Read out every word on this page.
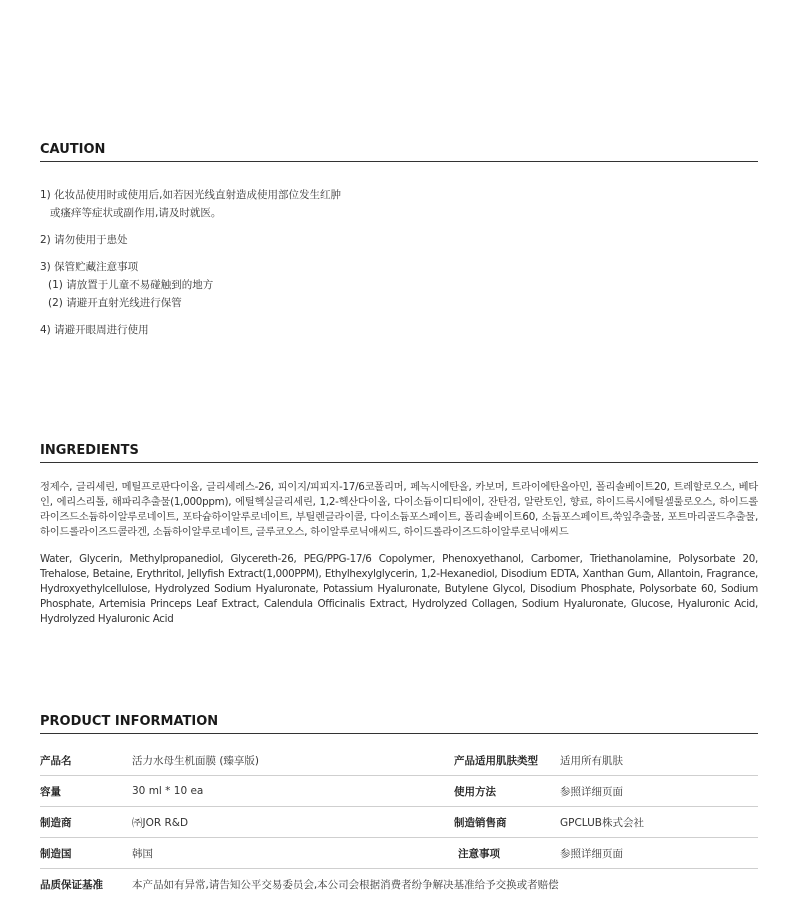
CAUTION
1) 化妆品使用时或使用后,如若因光线直射造成使用部位发生红肿
或瘙痒等症状或副作用,请及时就医。
2) 请勿使用于患处
3) 保管贮藏注意事项
(1) 请放置于儿童不易碰触到的地方
(2) 请避开直射光线进行保管
4) 请避开眼周进行使用
INGREDIENTS
정제수, 글리세린, 메틸프로판다이올, 글리세레스-26, 피이지/피피지-17/6코폴리머, 페녹시에탄올, 카보머, 트라이에탄올아민, 폴리솔베이트20, 트레할로오스, 베타인, 에리스리톨, 해파리추출물(1,000ppm), 에틸헥실글리세린, 1,2-헥산다이올, 다이소듐이디티에이, 잔탄검, 알란토인, 향료, 하이드록시에틸셀룰로오스, 하이드롤라이즈드소듐하이알루로네이트, 포타슘하이알루로네이트, 부틸렌글라이콜, 다이소듐포스페이트, 폴리솔베이트60, 소듐포스페이트,쑥잎추출물, 포트마리골드추출물, 하이드롤라이즈드콜라겐, 소듐하이알루로네이트, 글루코오스, 하이알루로닉애씨드, 하이드롤라이즈드하이알루로닉애씨드
Water, Glycerin, Methylpropanediol, Glycereth-26, PEG/PPG-17/6 Copolymer, Phenoxyethanol, Carbomer, Triethanolamine, Polysorbate 20, Trehalose, Betaine, Erythritol, Jellyfish Extract(1,000PPM), Ethylhexylglycerin, 1,2-Hexanediol, Disodium EDTA, Xanthan Gum, Allantoin, Fragrance, Hydroxyethylcellulose, Hydrolyzed Sodium Hyaluronate, Potassium Hyaluronate, Butylene Glycol, Disodium Phosphate, Polysorbate 60, Sodium Phosphate, Artemisia Princeps Leaf Extract, Calendula Officinalis Extract, Hydrolyzed Collagen, Sodium Hyaluronate, Glucose, Hyaluronic Acid, Hydrolyzed Hyaluronic Acid
PRODUCT INFORMATION
产品名	活力水母生机面膜 (臻享版)	产品适用肌肤类型	适用所有肌肤
容量	30 ml * 10 ea	使用方法	参照详细页面
制造商	㈜JOR R&D	制造销售商	GPCLUB株式会社
制造国	韩国	注意事项	参照详细页面
品质保证基准	本产品如有异常,请告知公平交易委员会,本公司会根据消费者纷争解决基准给予交换或者赔偿
